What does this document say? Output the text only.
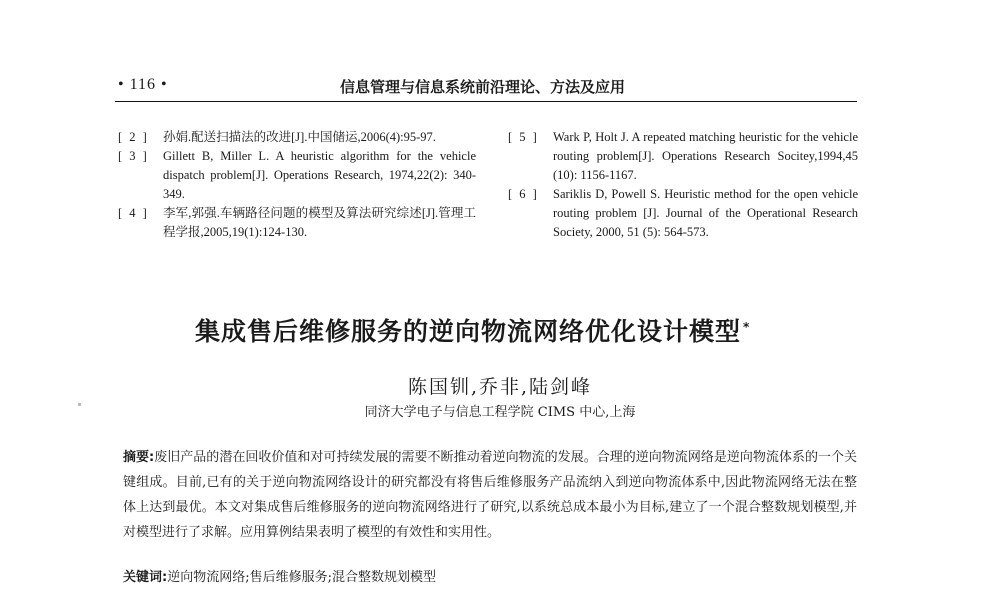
• 116 •	信息管理与信息系统前沿理论、方法及应用
[ 2 ] 孙娟.配送扫描法的改进[J].中国储运,2006(4):95-97.
[ 3 ] Gillett B, Miller L. A heuristic algorithm for the vehicle dispatch problem[J]. Operations Research, 1974,22(2): 340-349.
[ 4 ] 李军,郭强.车辆路径问题的模型及算法研究综述[J].管理工程学报,2005,19(1):124-130.
[ 5 ] Wark P, Holt J. A repeated matching heuristic for the vehicle routing problem[J]. Operations Research Socitey,1994,45 (10): 1156-1167.
[ 6 ] Sariklis D, Powell S. Heuristic method for the open vehicle routing problem [J]. Journal of the Operational Research Society, 2000, 51 (5): 564-573.
集成售后维修服务的逆向物流网络优化设计模型 *
陈国钏,乔非,陆剑峰
同济大学电子与信息工程学院 CIMS 中心,上海
摘要:废旧产品的潜在回收价值和对可持续发展的需要不断推动着逆向物流的发展。合理的逆向物流网络是逆向物流体系的一个关键组成。目前,已有的关于逆向物流网络设计的研究都没有将售后维修服务产品流纳入到逆向物流体系中,因此物流网络无法在整体上达到最优。本文对集成售后维修服务的逆向物流网络进行了研究,以系统总成本最小为目标,建立了一个混合整数规划模型,并对模型进行了求解。应用算例结果表明了模型的有效性和实用性。
关键词:逆向物流网络;售后维修服务;混合整数规划模型
